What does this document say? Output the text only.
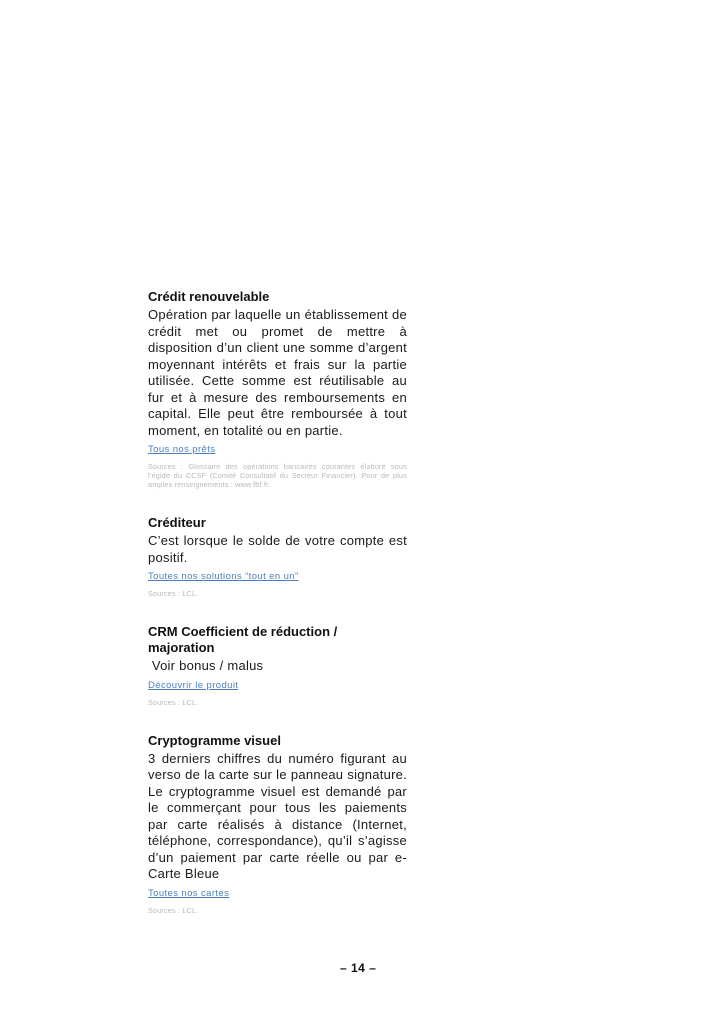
Crédit renouvelable

Opération par laquelle un établissement de crédit met ou promet de mettre à disposition d’un client une somme d’argent moyennant intérêts et frais sur la partie utilisée. Cette somme est réutilisable au fur et à mesure des remboursements en capital. Elle peut être remboursée à tout moment, en totalité ou en partie.

Tous nos prêts
Sources : Glossaire des opérations bancaires courantes élaboré sous l’égide du CCSF (Comité Consultatif du Secteur Financier). Pour de plus amples renseignements : www.fbf.fr.
Créditeur

C’est lorsque le solde de votre compte est positif.

Toutes nos solutions “tout en un”
Sources : LCL.
CRM Coefficient de réduction / majoration

Voir bonus / malus

Découvrir le produit
Sources : LCL.
Cryptogramme visuel

3 derniers chiffres du numéro figurant au verso de la carte sur le panneau signature. Le cryptogramme visuel est demandé par le commerçant pour tous les paiements par carte réalisés à distance (Internet, téléphone, correspondance), qu’il s’agisse d’un paiement par carte réelle ou par e-Carte Bleue

Toutes nos cartes
Sources : LCL.
– 14 –
